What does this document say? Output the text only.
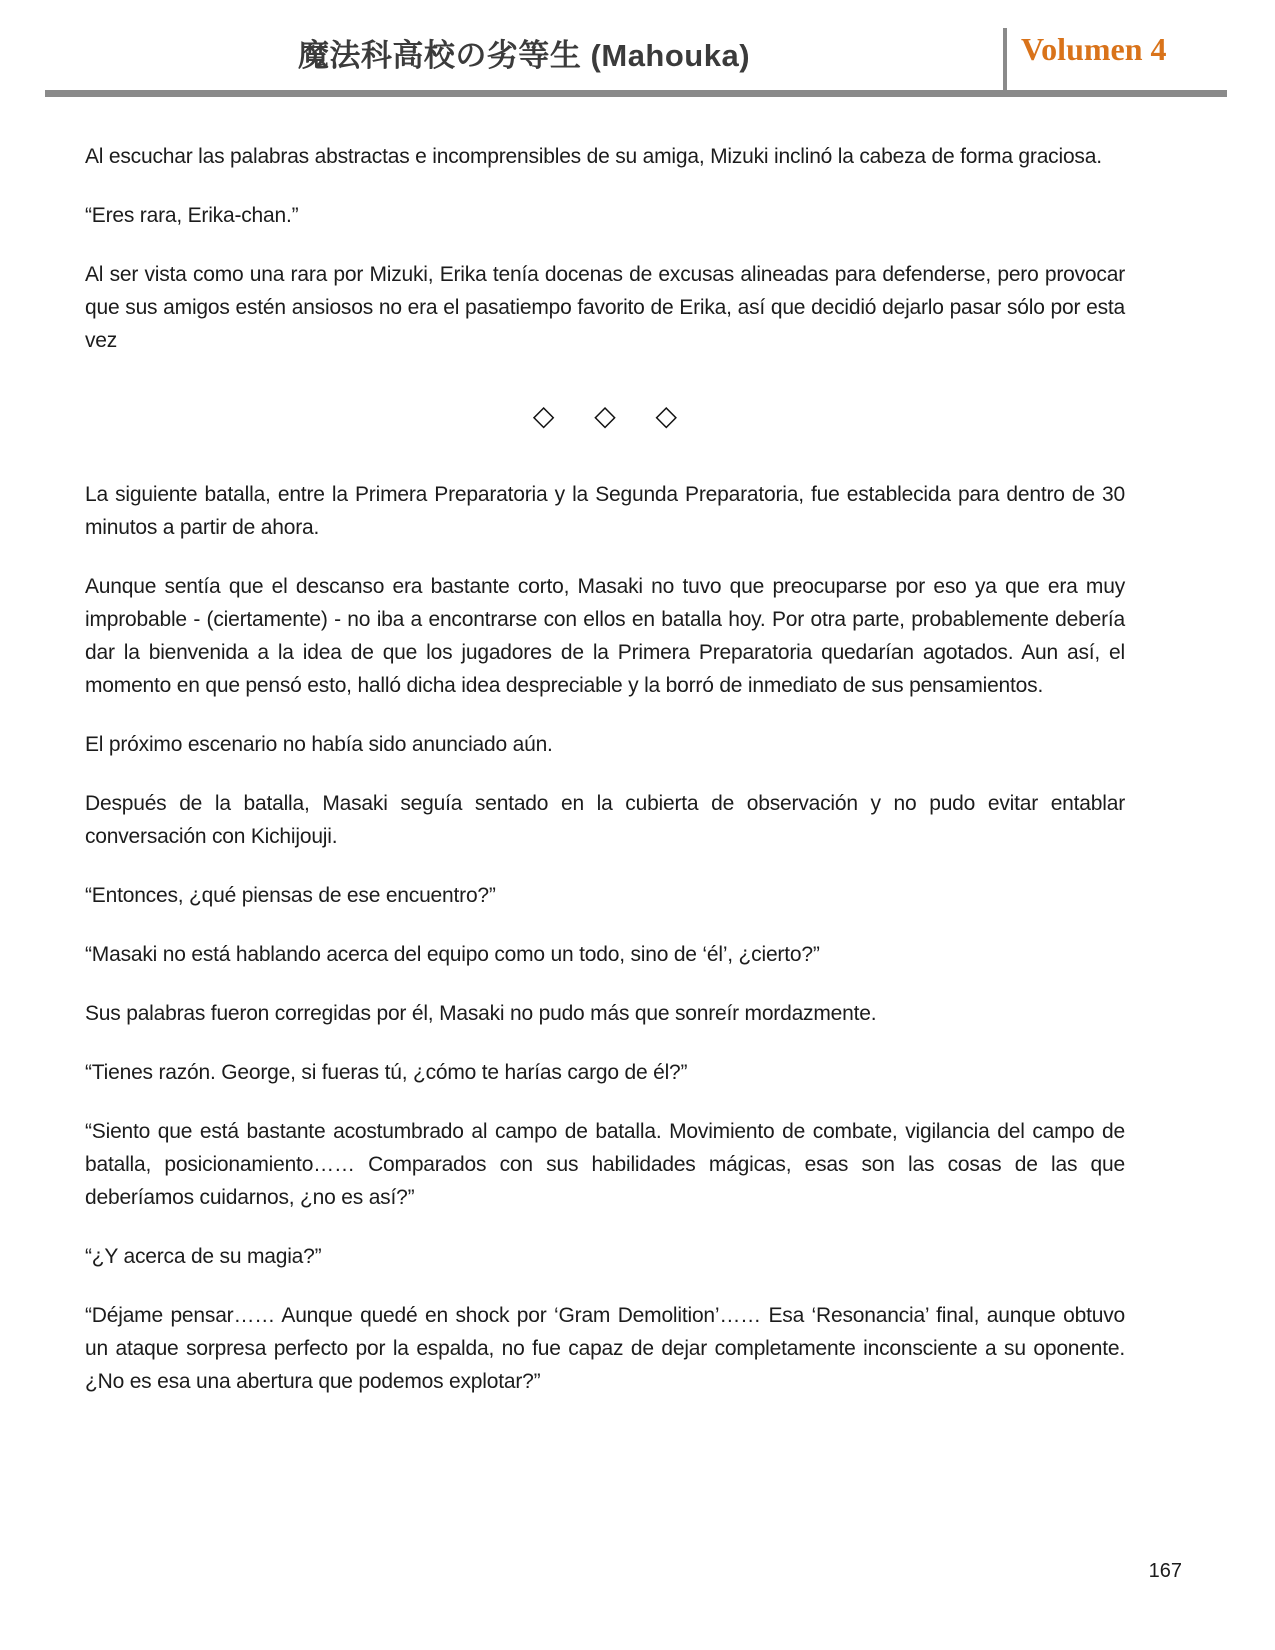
魔法科高校の劣等生 (Mahouka)	Volumen 4

Al escuchar las palabras abstractas e incomprensibles de su amiga, Mizuki inclinó la cabeza de forma graciosa.

“Eres rara, Erika-chan.”

Al ser vista como una rara por Mizuki, Erika tenía docenas de excusas alineadas para defenderse, pero provocar que sus amigos estén ansiosos no era el pasatiempo favorito de Erika, así que decidió dejarlo pasar sólo por esta vez

◇ ◇ ◇

La siguiente batalla, entre la Primera Preparatoria y la Segunda Preparatoria, fue establecida para dentro de 30 minutos a partir de ahora.

Aunque sentía que el descanso era bastante corto, Masaki no tuvo que preocuparse por eso ya que era muy improbable - (ciertamente) - no iba a encontrarse con ellos en batalla hoy. Por otra parte, probablemente debería dar la bienvenida a la idea de que los jugadores de la Primera Preparatoria quedarían agotados. Aun así, el momento en que pensó esto, halló dicha idea despreciable y la borró de inmediato de sus pensamientos.

El próximo escenario no había sido anunciado aún.

Después de la batalla, Masaki seguía sentado en la cubierta de observación y no pudo evitar entablar conversación con Kichijouji.

“Entonces, ¿qué piensas de ese encuentro?”

“Masaki no está hablando acerca del equipo como un todo, sino de ‘él’, ¿cierto?”

Sus palabras fueron corregidas por él, Masaki no pudo más que sonreír mordazmente.

“Tienes razón. George, si fueras tú, ¿cómo te harías cargo de él?”

“Siento que está bastante acostumbrado al campo de batalla. Movimiento de combate, vigilancia del campo de batalla, posicionamiento…… Comparados con sus habilidades mágicas, esas son las cosas de las que deberíamos cuidarnos, ¿no es así?”

“¿Y acerca de su magia?”

“Déjame pensar…… Aunque quedé en shock por ‘Gram Demolition’…… Esa ‘Resonancia’ final, aunque obtuvo un ataque sorpresa perfecto por la espalda, no fue capaz de dejar completamente inconsciente a su oponente. ¿No es esa una abertura que podemos explotar?”

167
